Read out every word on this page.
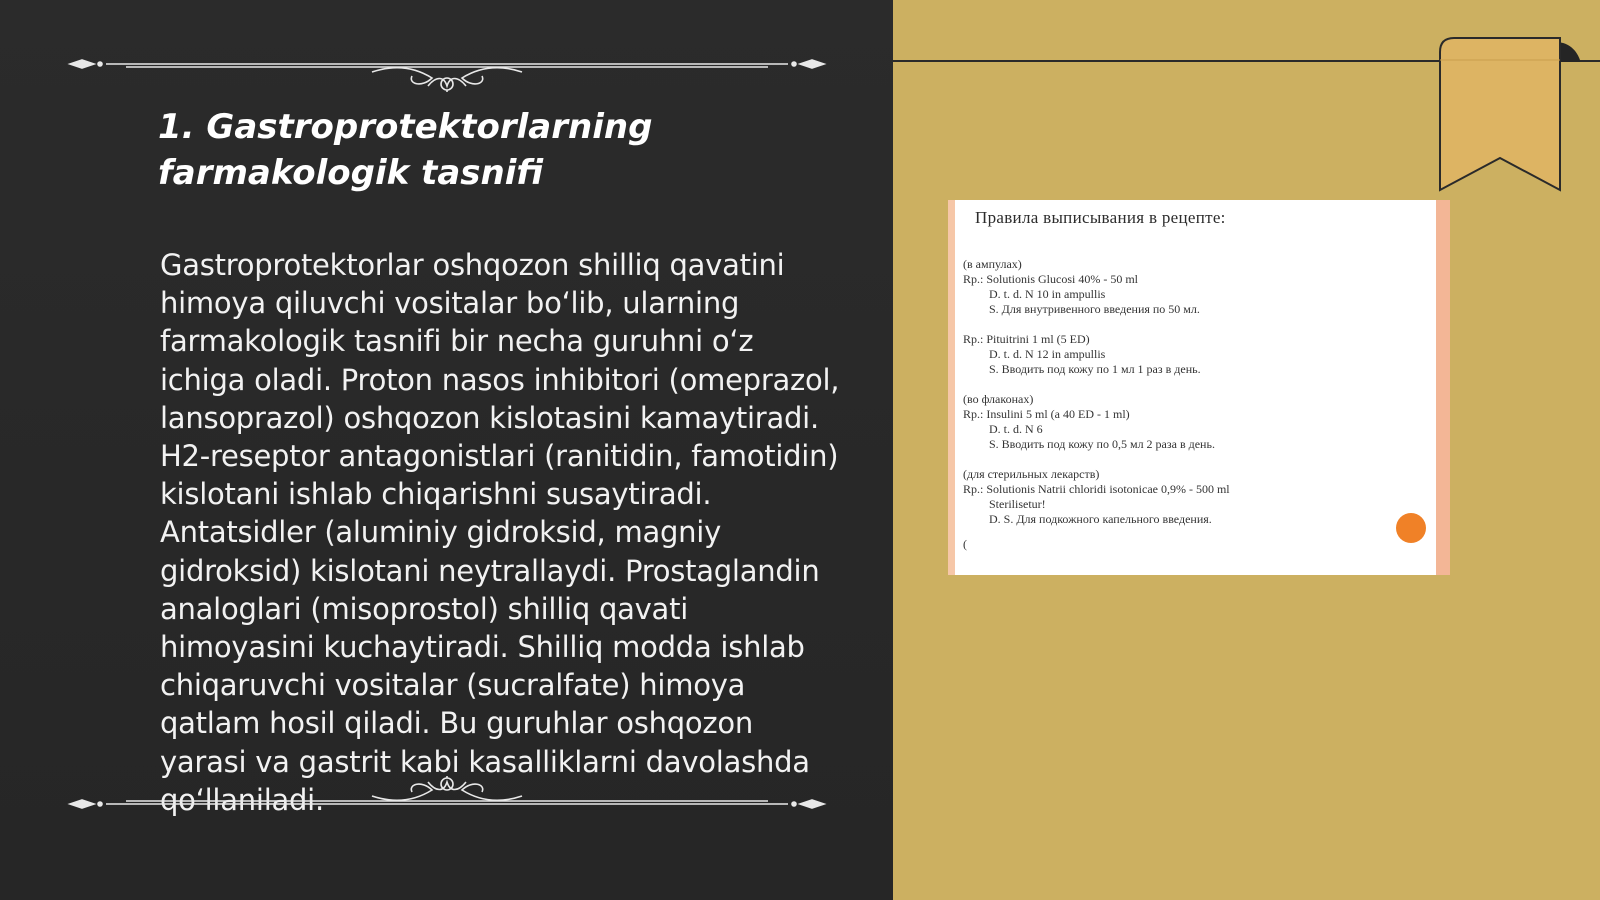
1. Gastroprotektorlarning farmakologik tasnifi

Gastroprotektorlar oshqozon shilliq qavatini himoya qiluvchi vositalar bo‘lib, ularning farmakologik tasnifi bir necha guruhni o‘z ichiga oladi. Proton nasos inhibitori (omeprazol, lansoprazol) oshqozon kislotasini kamaytiradi. H2-reseptor antagonistlari (ranitidin, famotidin) kislotani ishlab chiqarishni susaytiradi. Antatsidler (aluminiy gidroksid, magniy gidroksid) kislotani neytrallaydi. Prostaglandin analoglari (misoprostol) shilliq qavati himoyasini kuchaytiradi. Shilliq modda ishlab chiqaruvchi vositalar (sucralfate) himoya qatlam hosil qiladi. Bu guruhlar oshqozon yarasi va gastrit kabi kasalliklarni davolashda qo‘llaniladi.

Правила выписывания в рецепте:

(в ампулах)

Rp.: Solutionis Glucosi 40% - 50 ml

D. t. d. N 10 in ampullis

S. Для внутривенного введения по 50 мл.

Rp.: Pituitrini 1 ml (5 ED)

D. t. d. N 12 in ampullis

S. Вводить под кожу по 1 мл 1 раз в день.

(во флаконах)

Rp.: Insulini 5 ml (a 40 ED - 1 ml)

D. t. d. N 6

S. Вводить под кожу по 0,5 мл 2 раза в день.

(для стерильных лекарств)

Rp.: Solutionis Natrii chloridi isotonicae 0,9% - 500 ml

Sterilisetur!

D. S. Для подкожного капельного введения.

(
